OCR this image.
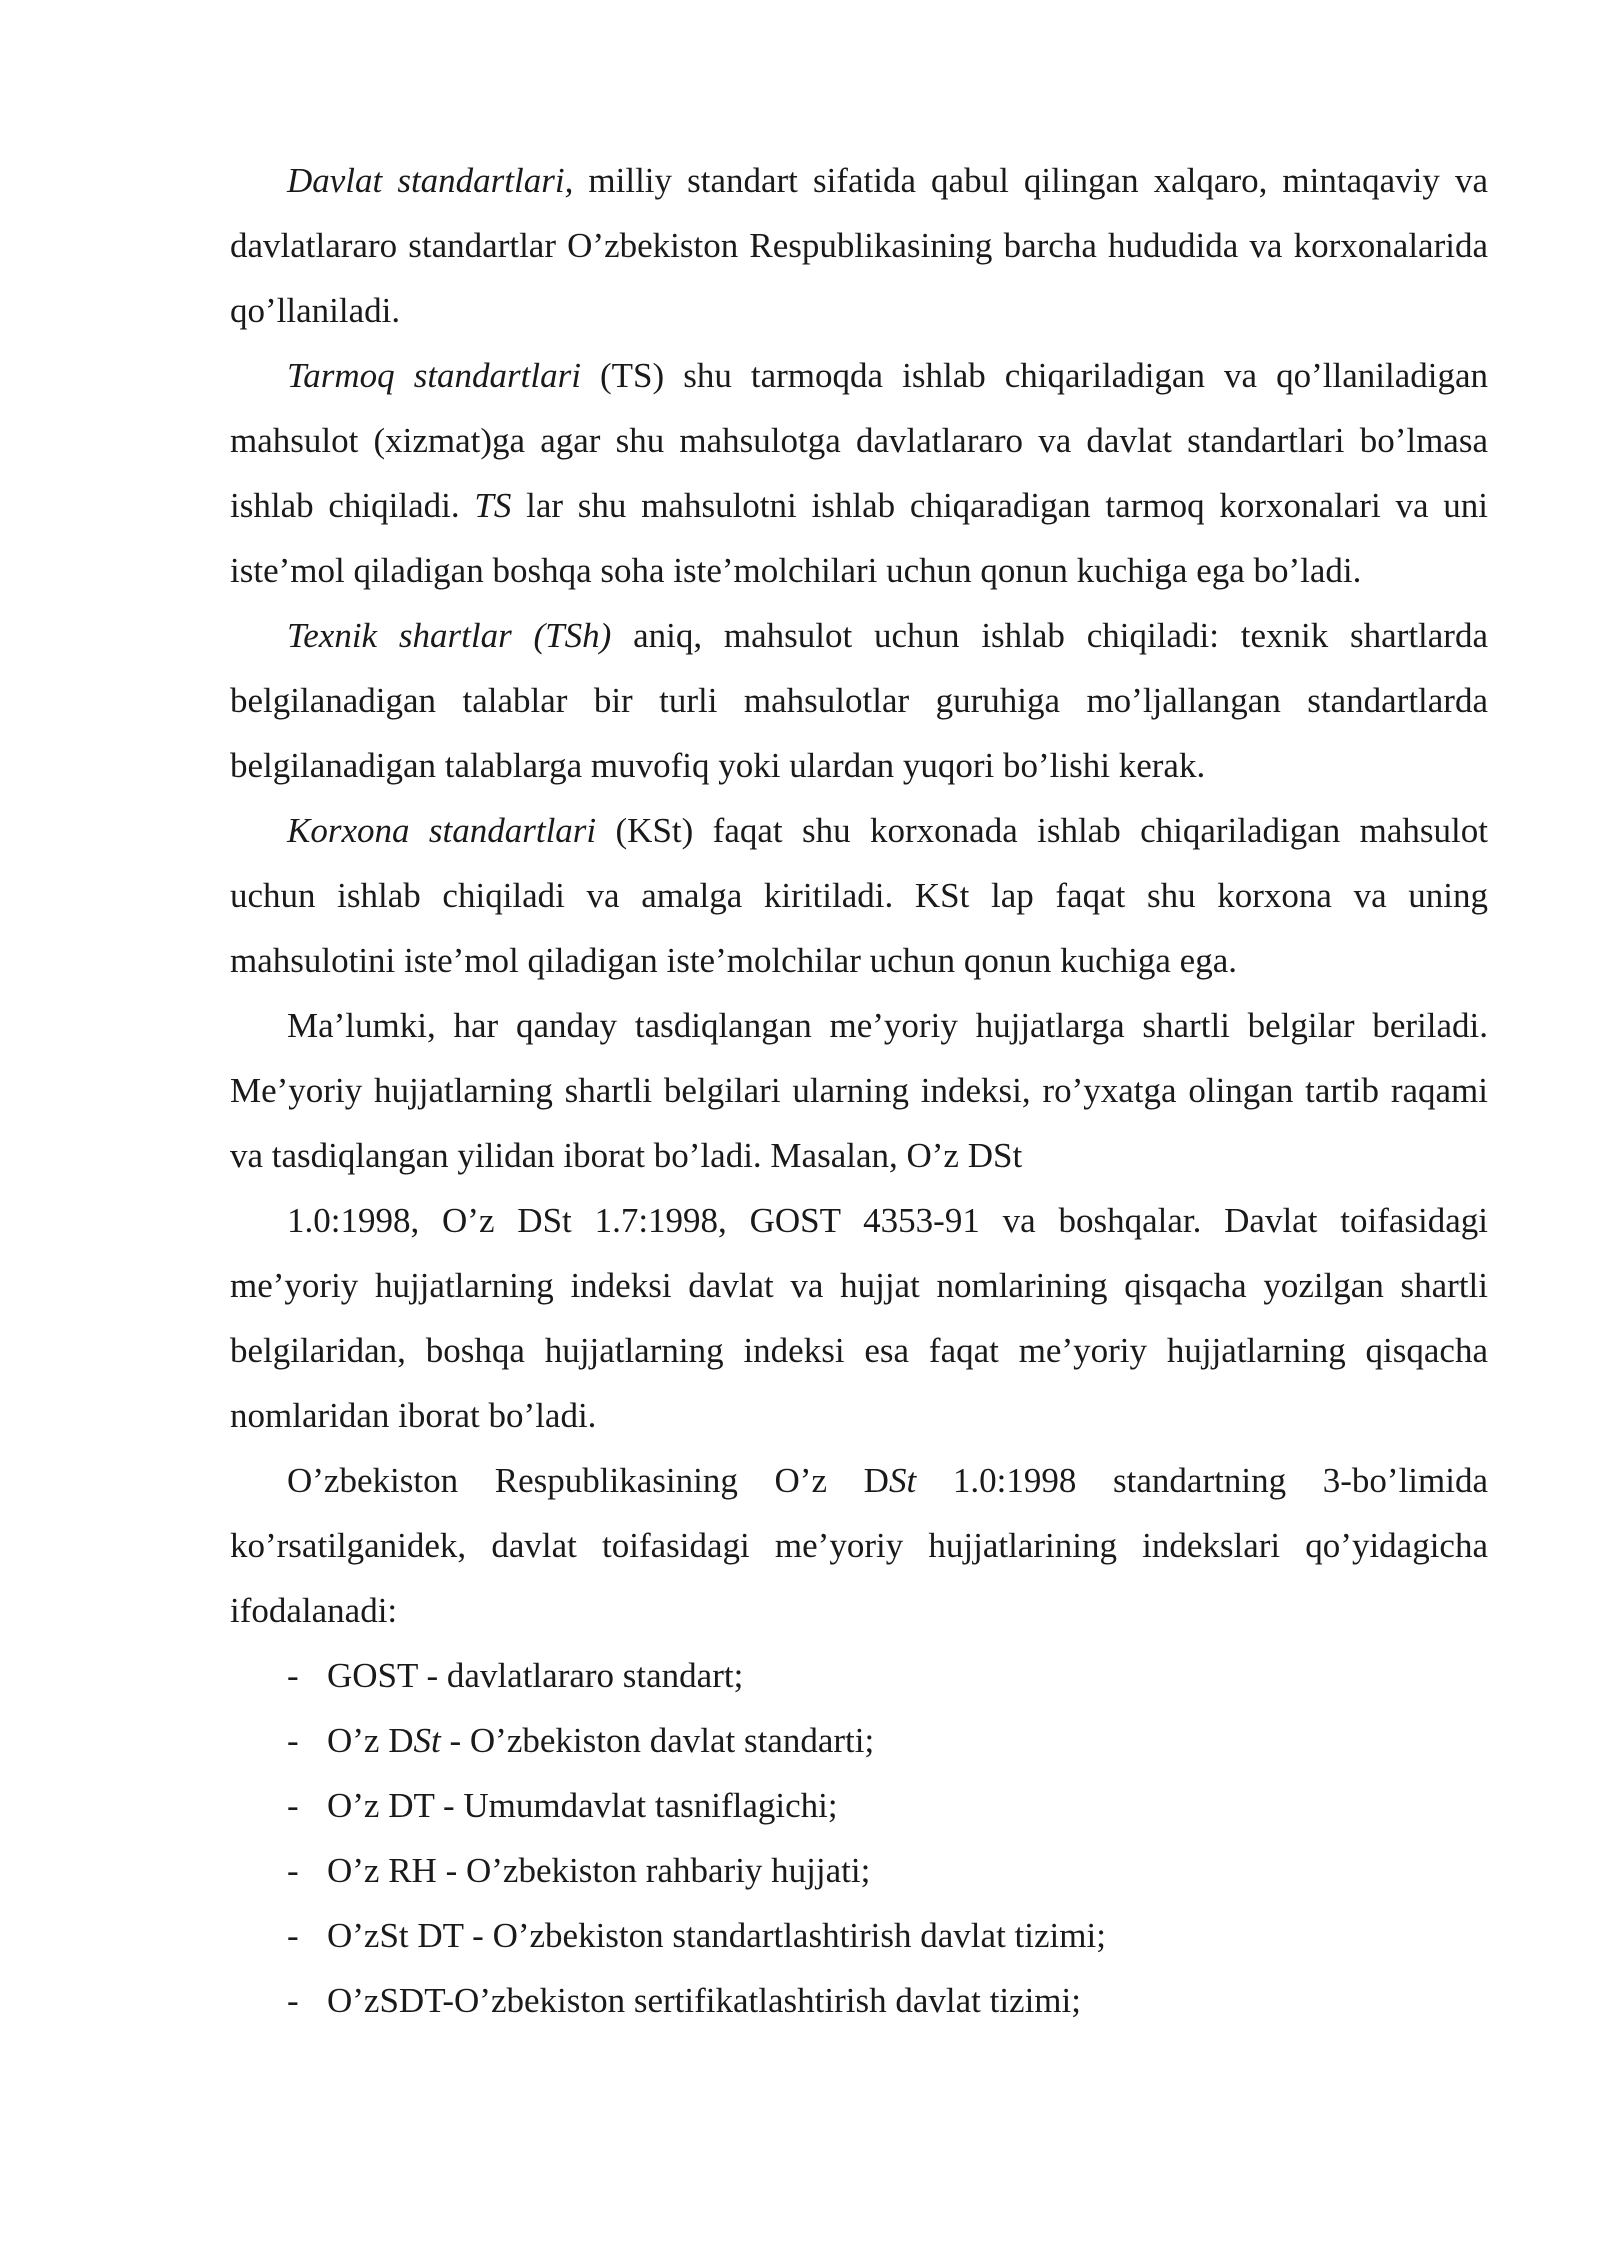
Davlat standartlari, milliy standart sifatida qabul qilingan xalqaro, mintaqaviy va davlatlararo standartlar O’zbekiston Respublikasining barcha hududida va korxonalarida qo’llaniladi.

Tarmoq standartlari (TS) shu tarmoqda ishlab chiqariladigan va qo’llaniladigan mahsulot (xizmat)ga agar shu mahsulotga davlatlararo va davlat standartlari bo’lmasa ishlab chiqiladi. TS lar shu mahsulotni ishlab chiqaradigan tarmoq korxonalari va uni iste’mol qiladigan boshqa soha iste’molchilari uchun qonun kuchiga ega bo’ladi.

Texnik shartlar (TSh) aniq, mahsulot uchun ishlab chiqiladi: texnik shartlarda belgilanadigan talablar bir turli mahsulotlar guruhiga mo’ljallangan standartlarda belgilanadigan talablarga muvofiq yoki ulardan yuqori bo’lishi kerak.

Korxona standartlari (KSt) faqat shu korxonada ishlab chiqariladigan mahsulot uchun ishlab chiqiladi va amalga kiritiladi. KSt lap faqat shu korxona va uning mahsulotini iste’mol qiladigan iste’molchilar uchun qonun kuchiga ega.

Ma’lumki, har qanday tasdiqlangan me’yoriy hujjatlarga shartli belgilar beriladi. Me’yoriy hujjatlarning shartli belgilari ularning indeksi, ro’yxatga olingan tartib raqami va tasdiqlangan yilidan iborat bo’ladi. Masalan, O’z DSt

1.0:1998, O’z DSt 1.7:1998, GOST 4353-91 va boshqalar. Davlat toifasidagi me’yoriy hujjatlarning indeksi davlat va hujjat nomlarining qisqacha yozilgan shartli belgilaridan, boshqa hujjatlarning indeksi esa faqat me’yoriy hujjatlarning qisqacha nomlaridan iborat bo’ladi.

O’zbekiston Respublikasining O’z DSt 1.0:1998 standartning 3-bo’limida ko’rsatilganidek, davlat toifasidagi me’yoriy hujjatlarining indekslari qo’yidagicha ifodalanadi:

- GOST - davlatlararo standart;
- O’z DSt - O’zbekiston davlat standarti;
- O’z DT - Umumdavlat tasniflagichi;
- O’z RH - O’zbekiston rahbariy hujjati;
- O’zSt DT - O’zbekiston standartlashtirish davlat tizimi;
- O’zSDT-O’zbekiston sertifikatlashtirish davlat tizimi;
